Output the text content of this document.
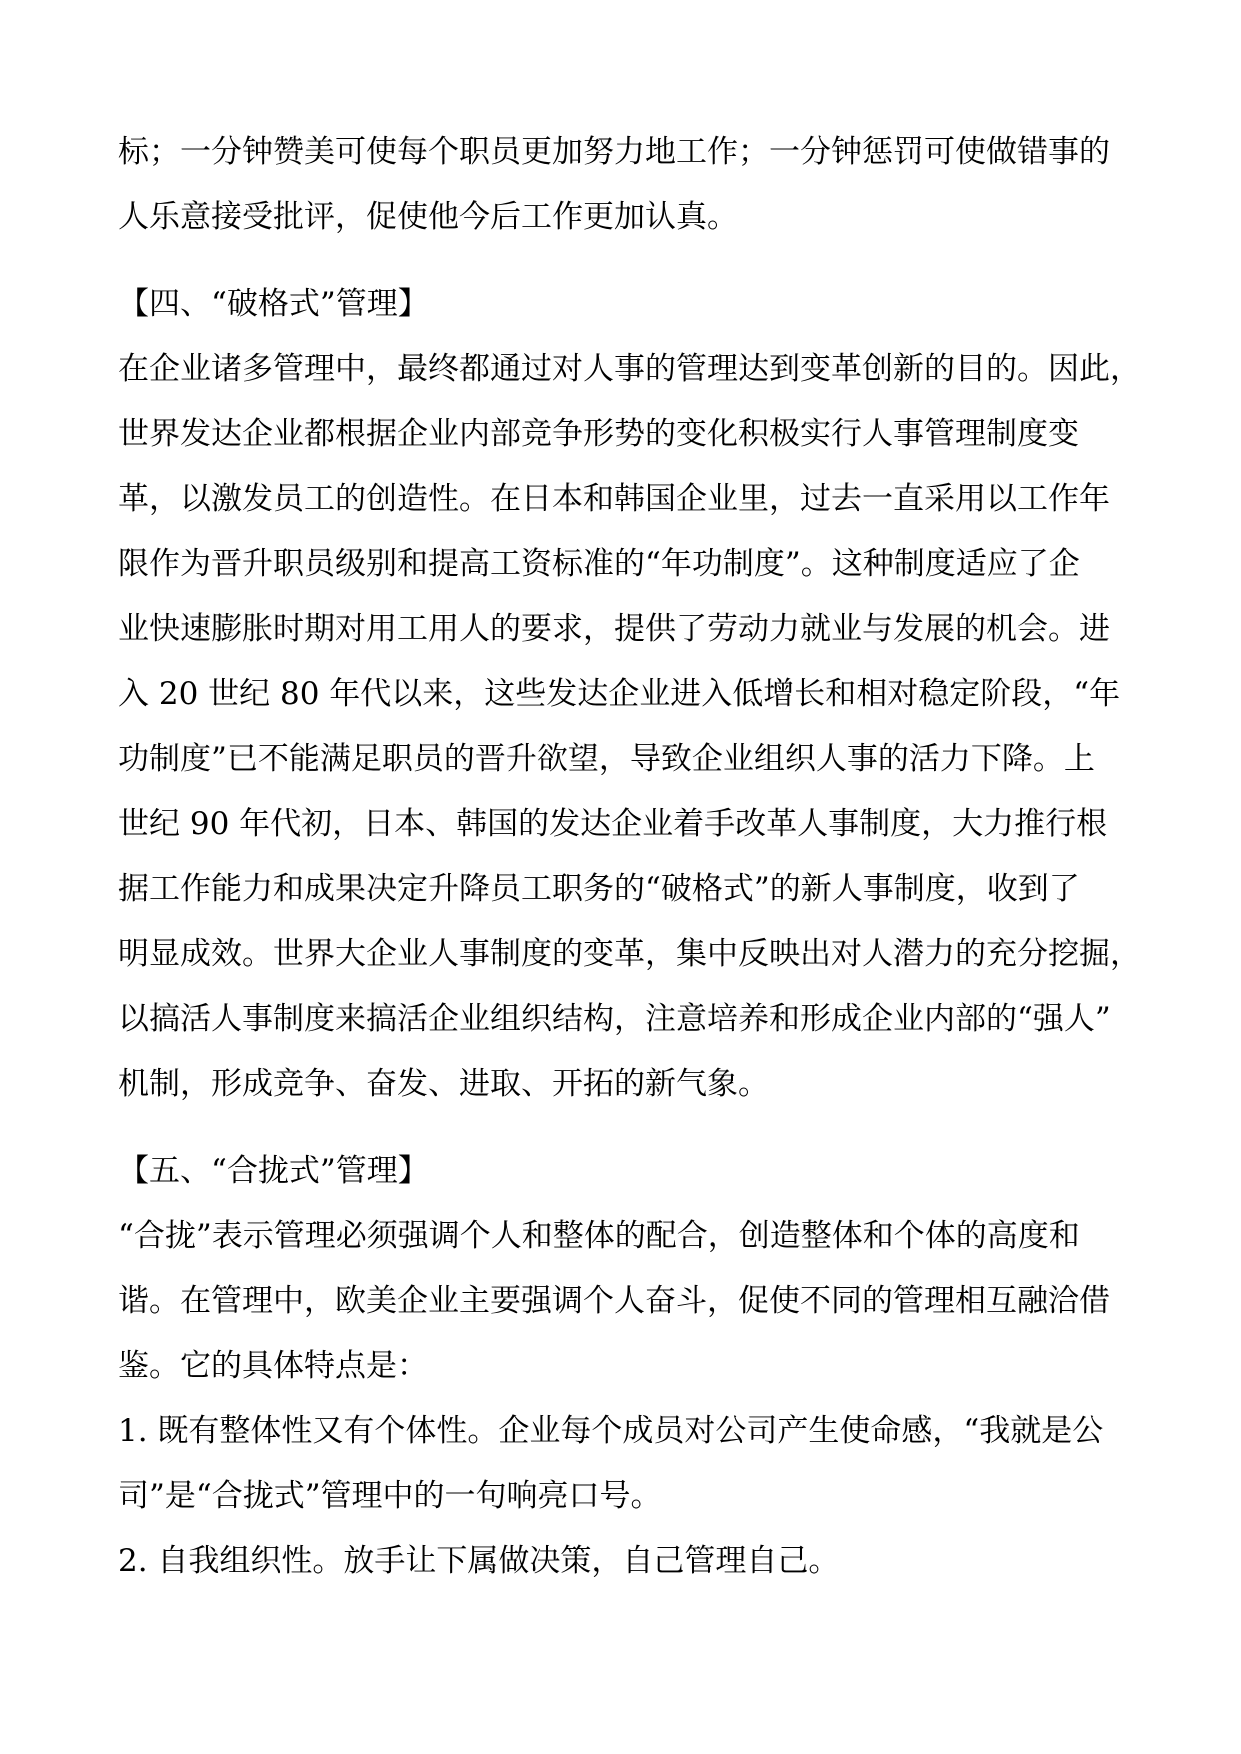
标；一分钟赞美可使每个职员更加努力地工作；一分钟惩罚可使做错事的
人乐意接受批评，促使他今后工作更加认真。
【四、“破格式”管理】
在企业诸多管理中，最终都通过对人事的管理达到变革创新的目的。因此，
世界发达企业都根据企业内部竞争形势的变化积极实行人事管理制度变
革，以激发员工的创造性。在日本和韩国企业里，过去一直采用以工作年
限作为晋升职员级别和提高工资标准的“年功制度”。这种制度适应了企
业快速膨胀时期对用工用人的要求，提供了劳动力就业与发展的机会。进
入 20 世纪 80 年代以来，这些发达企业进入低增长和相对稳定阶段，“年
功制度”已不能满足职员的晋升欲望，导致企业组织人事的活力下降。上
世纪 90 年代初，日本、韩国的发达企业着手改革人事制度，大力推行根
据工作能力和成果决定升降员工职务的“破格式”的新人事制度，收到了
明显成效。世界大企业人事制度的变革，集中反映出对人潜力的充分挖掘，
以搞活人事制度来搞活企业组织结构，注意培养和形成企业内部的“强人”
机制，形成竞争、奋发、进取、开拓的新气象。
【五、“合拢式”管理】
“合拢”表示管理必须强调个人和整体的配合，创造整体和个体的高度和
谐。在管理中，欧美企业主要强调个人奋斗，促使不同的管理相互融洽借
鉴。它的具体特点是：
1. 既有整体性又有个体性。企业每个成员对公司产生使命感，“我就是公
司”是“合拢式”管理中的一句响亮口号。
2. 自我组织性。放手让下属做决策，自己管理自己。
